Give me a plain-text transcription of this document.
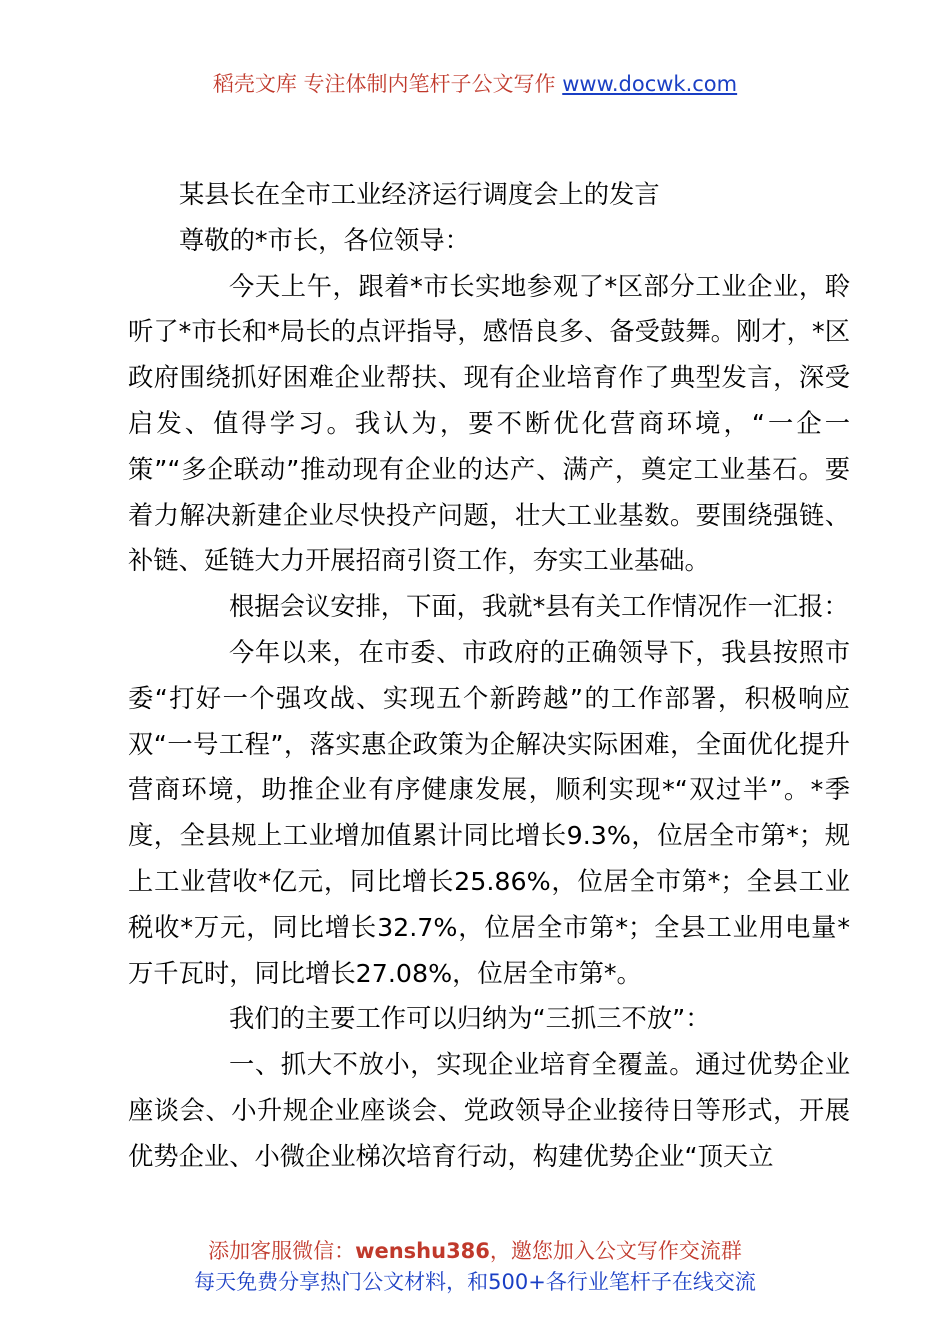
稻壳文库 专注体制内笔杆子公文写作 www.docwk.com

某县长在全市工业经济运行调度会上的发言

尊敬的*市长，各位领导：

今天上午，跟着*市长实地参观了*区部分工业企业，聆听了*市长和*局长的点评指导，感悟良多、备受鼓舞。刚才，*区政府围绕抓好困难企业帮扶、现有企业培育作了典型发言，深受启发、值得学习。我认为，要不断优化营商环境，“一企一策”“多企联动”推动现有企业的达产、满产，奠定工业基石。要着力解决新建企业尽快投产问题，壮大工业基数。要围绕强链、补链、延链大力开展招商引资工作，夯实工业基础。

根据会议安排，下面，我就*县有关工作情况作一汇报：

今年以来，在市委、市政府的正确领导下，我县按照市委“打好一个强攻战、实现五个新跨越”的工作部署，积极响应双“一号工程”，落实惠企政策为企解决实际困难，全面优化提升营商环境，助推企业有序健康发展，顺利实现*“双过半”。*季度，全县规上工业增加值累计同比增长9.3%，位居全市第*；规上工业营收*亿元，同比增长25.86%，位居全市第*；全县工业税收*万元，同比增长32.7%，位居全市第*；全县工业用电量*万千瓦时，同比增长27.08%，位居全市第*。

我们的主要工作可以归纳为“三抓三不放”：

一、抓大不放小，实现企业培育全覆盖。通过优势企业座谈会、小升规企业座谈会、党政领导企业接待日等形式，开展优势企业、小微企业梯次培育行动，构建优势企业“顶天立

添加客服微信：wenshu386，邀您加入公文写作交流群
每天免费分享热门公文材料，和500+各行业笔杆子在线交流
